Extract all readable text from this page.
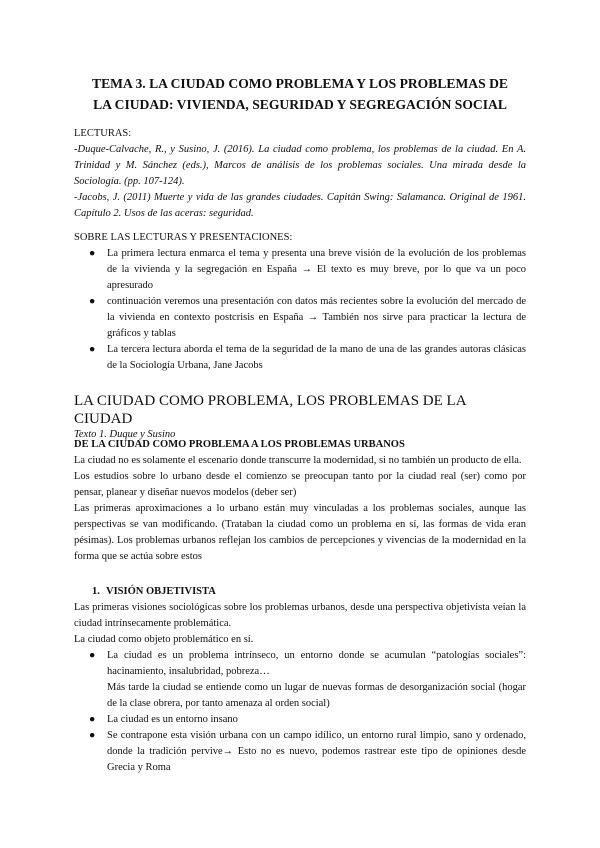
TEMA 3. LA CIUDAD COMO PROBLEMA Y LOS PROBLEMAS DE
LA CIUDAD: VIVIENDA, SEGURIDAD Y SEGREGACIÓN SOCIAL
LECTURAS:

-Duque-Calvache, R., y Susino, J. (2016). La ciudad como problema, los problemas de la ciudad. En A. Trinidad y M. Sánchez (eds.), Marcos de análisis de los problemas sociales. Una mirada desde la Sociología. (pp. 107-124).

-Jacobs, J. (2011) Muerte y vida de las grandes ciudades. Capitán Swing: Salamanca. Original de 1961. Capítulo 2. Usos de las aceras: seguridad.

SOBRE LAS LECTURAS Y PRESENTACIONES:
● La primera lectura enmarca el tema y presenta una breve visión de la evolución de los problemas de la vivienda y la segregación en España → El texto es muy breve, por lo que va un poco apresurado
● continuación veremos una presentación con datos más recientes sobre la evolución del mercado de la vivienda en contexto postcrisis en España → También nos sirve para practicar la lectura de gráficos y tablas
● La tercera lectura aborda el tema de la seguridad de la mano de una de las grandes autoras clásicas de la Sociología Urbana, Jane Jacobs
LA CIUDAD COMO PROBLEMA, LOS PROBLEMAS DE LA CIUDAD
Texto 1. Duque y Susino
DE LA CIUDAD COMO PROBLEMA A LOS PROBLEMAS URBANOS

La ciudad no es solamente el escenario donde transcurre la modernidad, si no también un producto de ella.

Los estudios sobre lo urbano desde el comienzo se preocupan tanto por la ciudad real (ser) como por pensar, planear y diseñar nuevos modelos (deber ser)

Las primeras aproximaciones a lo urbano están muy vinculadas a los problemas sociales, aunque las perspectivas se van modificando. (Trataban la ciudad como un problema en sí, las formas de vida eran pésimas). Los problemas urbanos reflejan los cambios de percepciones y vivencias de la modernidad en la forma que se actúa sobre estos

1. VISIÓN OBJETIVISTA

Las primeras visiones sociológicas sobre los problemas urbanos, desde una perspectiva objetivista veían la ciudad intrínsecamente problemática.

La ciudad como objeto problemático en sí.

● La ciudad es un problema intrínseco, un entorno donde se acumulan “patologías sociales”: hacinamiento, insalubridad, pobreza…
Más tarde la ciudad se entiende como un lugar de nuevas formas de desorganización social (hogar de la clase obrera, por tanto amenaza al orden social)
● La ciudad es un entorno insano
● Se contrapone esta visión urbana con un campo idílico, un entorno rural limpio, sano y ordenado, donde la tradición pervive→ Esto no es nuevo, podemos rastrear este tipo de opiniones desde Grecia y Roma
